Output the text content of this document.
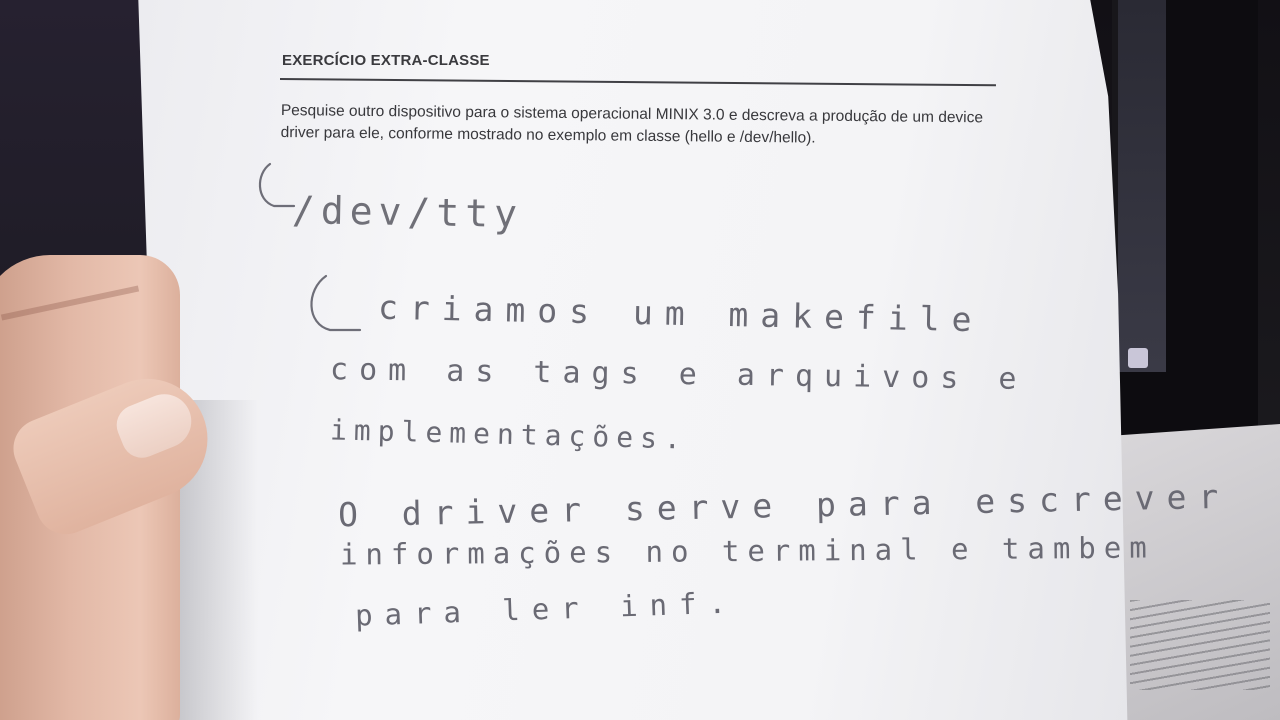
EXERCÍCIO EXTRA-CLASSE

Pesquise outro dispositivo para o sistema operacional MINIX 3.0 e descreva a produção de um device driver para ele, conforme mostrado no exemplo em classe (hello e /dev/hello).

/dev/tty

criamos um makefile

com as tags e arquivos e

implementações.

O driver serve para escrever

informações no terminal e tambem

para ler inf.
